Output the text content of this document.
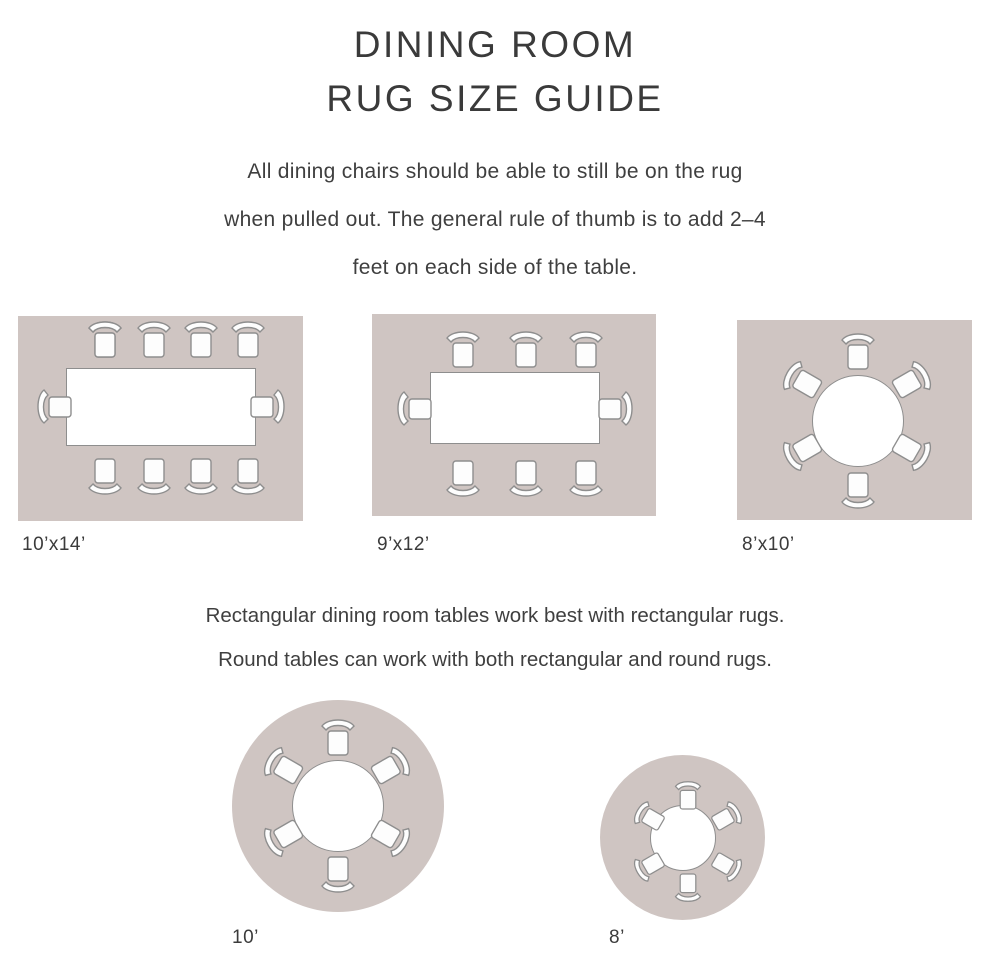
DINING ROOM
RUG SIZE GUIDE
All dining chairs should be able to still be on the rug
when pulled out. The general rule of thumb is to add 2–4
feet on each side of the table.
10’x14’	9’x12’	8’x10’
Rectangular dining room tables work best with rectangular rugs.
Round tables can work with both rectangular and round rugs.
10’	8’
